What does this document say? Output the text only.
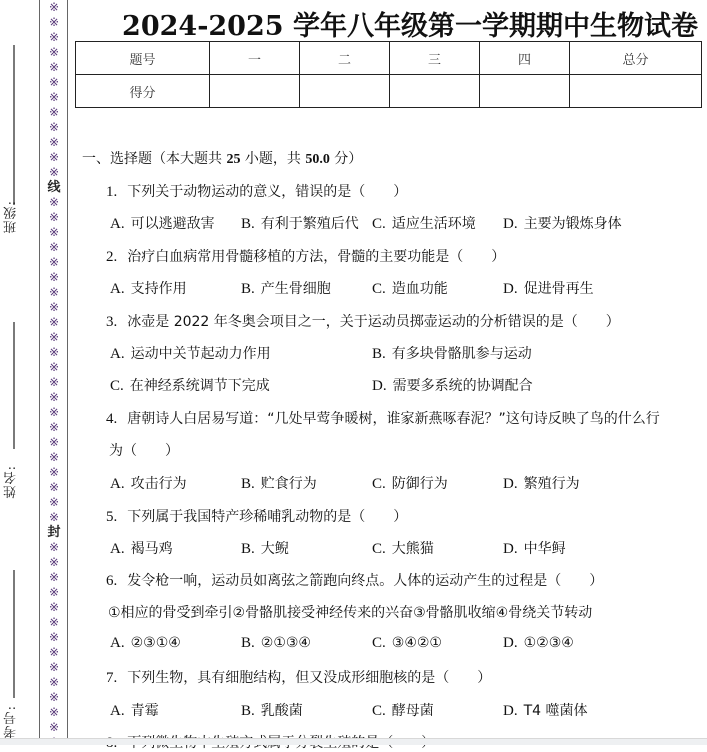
班级:
姓名:
考号:
※
※
※
※
※
※
※
※
※
※
※
※
线
※
※
※
※
※
※
※
※
※
※
※
※
※
※
※
※
※
※
※
※
※
※
封
※
※
※
※
※
※
※
※
※
※
※
※
※
2024-2025 学年八年级第一学期期中生物试卷
题号	一	二	三	四	总分
得分					
一、选择题（本大题共 25 小题，共 50.0 分）
1. 下列关于动物运动的意义，错误的是（　　）
A. 可以逃避敌害 B. 有利于繁殖后代 C. 适应生活环境 D. 主要为锻炼身体
2. 治疗白血病常用骨髓移植的方法，骨髓的主要功能是（　　）
A. 支持作用	B. 产生骨细胞	C. 造血功能	D. 促进骨再生
3. 冰壶是 2022 年冬奥会项目之一，关于运动员掷壶运动的分析错误的是（　　）
A. 运动中关节起动力作用	B. 有多块骨骼肌参与运动
C. 在神经系统调节下完成	D. 需要多系统的协调配合
4. 唐朝诗人白居易写道：“几处早莺争暖树，谁家新燕啄春泥？”这句诗反映了鸟的什么行
为（　　）
A. 攻击行为	B. 贮食行为	C. 防御行为	D. 繁殖行为
5. 下列属于我国特产珍稀哺乳动物的是（　　）
A. 褐马鸡	B. 大鲵	C. 大熊猫	D. 中华鲟
6. 发令枪一响，运动员如离弦之箭跑向终点。人体的运动产生的过程是（　　）
①相应的骨受到牵引②骨骼肌接受神经传来的兴奋③骨骼肌收缩④骨绕关节转动
A. ②③①④	B. ②①③④	C. ③④②①	D. ①②③④
7. 下列生物，具有细胞结构，但又没成形细胞核的是（　　）
A. 青霉	B. 乳酸菌	C. 酵母菌	D. T4 噬菌体
